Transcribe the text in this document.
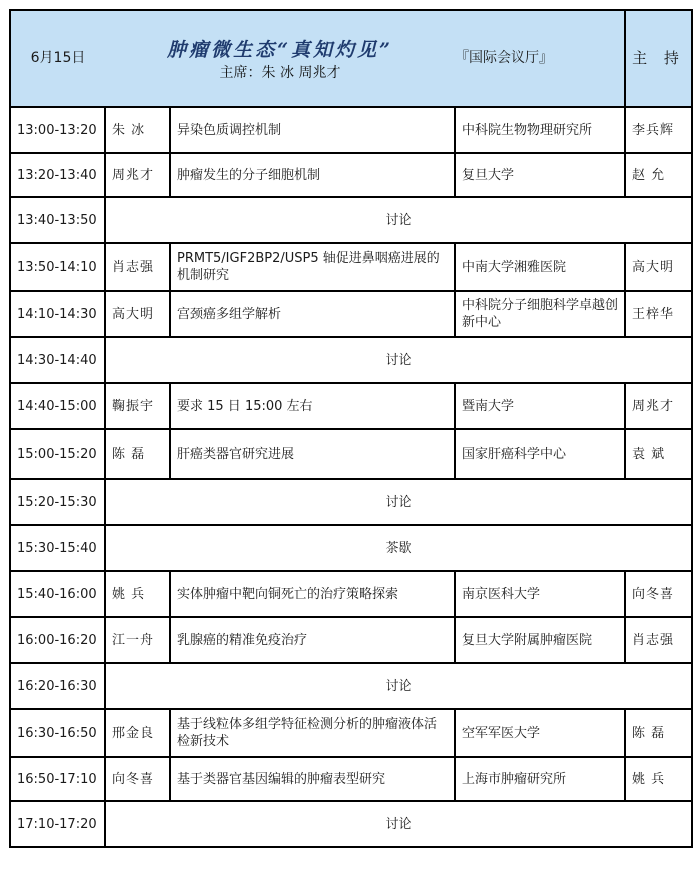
6月15日	肿瘤微生态“真知灼见”
主席：朱 冰 周兆才		『国际会议厅』	主 持
13:00-13:20	朱 冰	异染色质调控机制	中科院生物物理研究所	李兵辉
13:20-13:40	周兆才	肿瘤发生的分子细胞机制	复旦大学	赵 允
13:40-13:50	讨论			
13:50-14:10	肖志强	PRMT5/IGF2BP2/USP5 轴促进鼻咽癌进展的机制研究	中南大学湘雅医院	高大明
14:10-14:30	高大明	宫颈癌多组学解析	中科院分子细胞科学卓越创新中心	王梓华
14:30-14:40	讨论			
14:40-15:00	鞠振宇	要求 15 日 15:00 左右	暨南大学	周兆才
15:00-15:20	陈 磊	肝癌类器官研究进展	国家肝癌科学中心	袁 斌
15:20-15:30	讨论			
15:30-15:40	茶歇			
15:40-16:00	姚 兵	实体肿瘤中靶向铜死亡的治疗策略探索	南京医科大学	向冬喜
16:00-16:20	江一舟	乳腺癌的精准免疫治疗	复旦大学附属肿瘤医院	肖志强
16:20-16:30	讨论			
16:30-16:50	邢金良	基于线粒体多组学特征检测分析的肿瘤液体活检新技术	空军军医大学	陈 磊
16:50-17:10	向冬喜	基于类器官基因编辑的肿瘤表型研究	上海市肿瘤研究所	姚 兵
17:10-17:20	讨论			
